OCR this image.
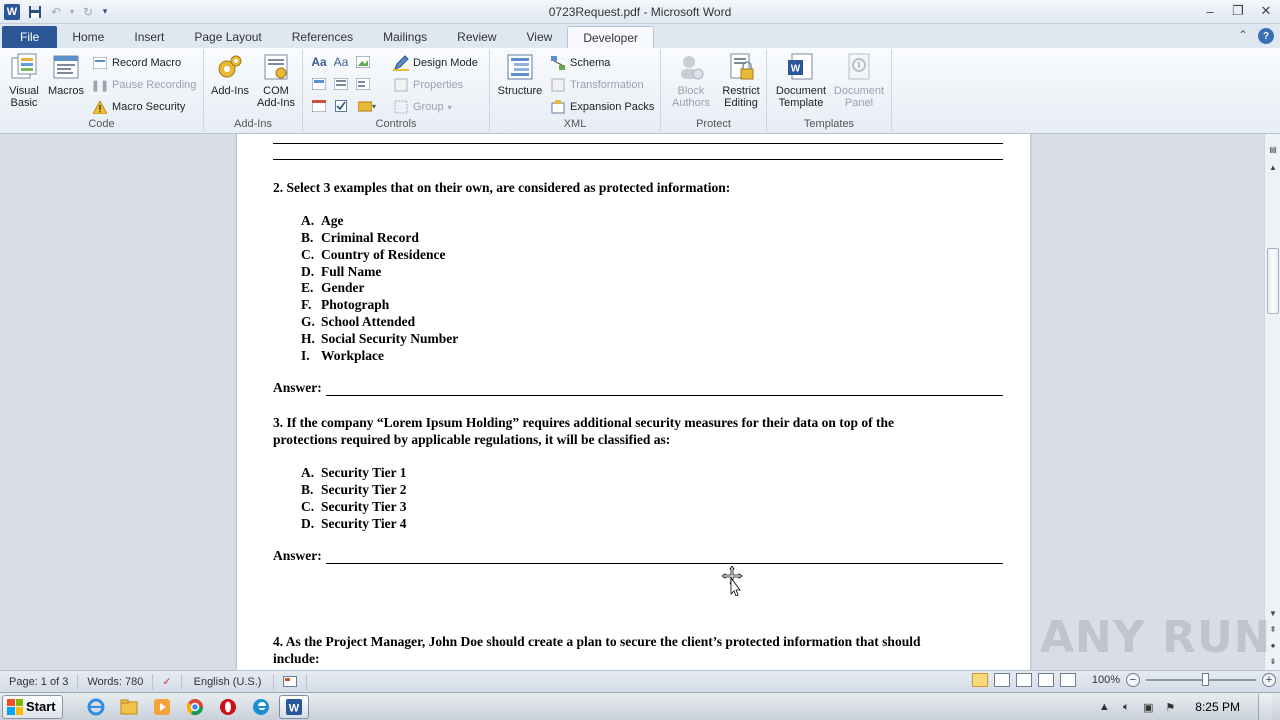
W	↶	▾ ↻	▾	0723Request.pdf - Microsoft Word	–	❐	✕
File	Home	Insert	Page Layout	References	Mailings	Review	View	Developer	⌃	?
Visual
Basic
Macros
Record Macro
❚❚ Pause Recording
Macro Security
Code
Add-Ins	COM
Add-Ins
Add-Ins
Aa Aa
▾
Design Mode
Properties
Group ▾
Controls
Structure
Schema
Transformation
Expansion Packs
XML
Block
Authors
Restrict
Editing
Protect
W
Document
Template
Document
Panel
Templates
2. Select 3 examples that on their own, are considered as protected information:
A. Age
B. Criminal Record
C. Country of Residence
D. Full Name
E. Gender
F. Photograph
G. School Attended
H. Social Security Number
I. Workplace
Answer:
3. If the company “Lorem Ipsum Holding” requires additional security measures for their data on top of the
protections required by applicable regulations, it will be classified as:
A. Security Tier 1
B. Security Tier 2
C. Security Tier 3
D. Security Tier 4
Answer:
4. As the Project Manager, John Doe should create a plan to secure the client’s protected information that should
include:
▤
▲
▼
⇞
●
⇟
ANY RUN
Page: 1 of 3	Words: 780	✓	English (U.S.)	100% −	+
Start	W	▲	🔈︎	▣ ⚑ 8:25 PM
